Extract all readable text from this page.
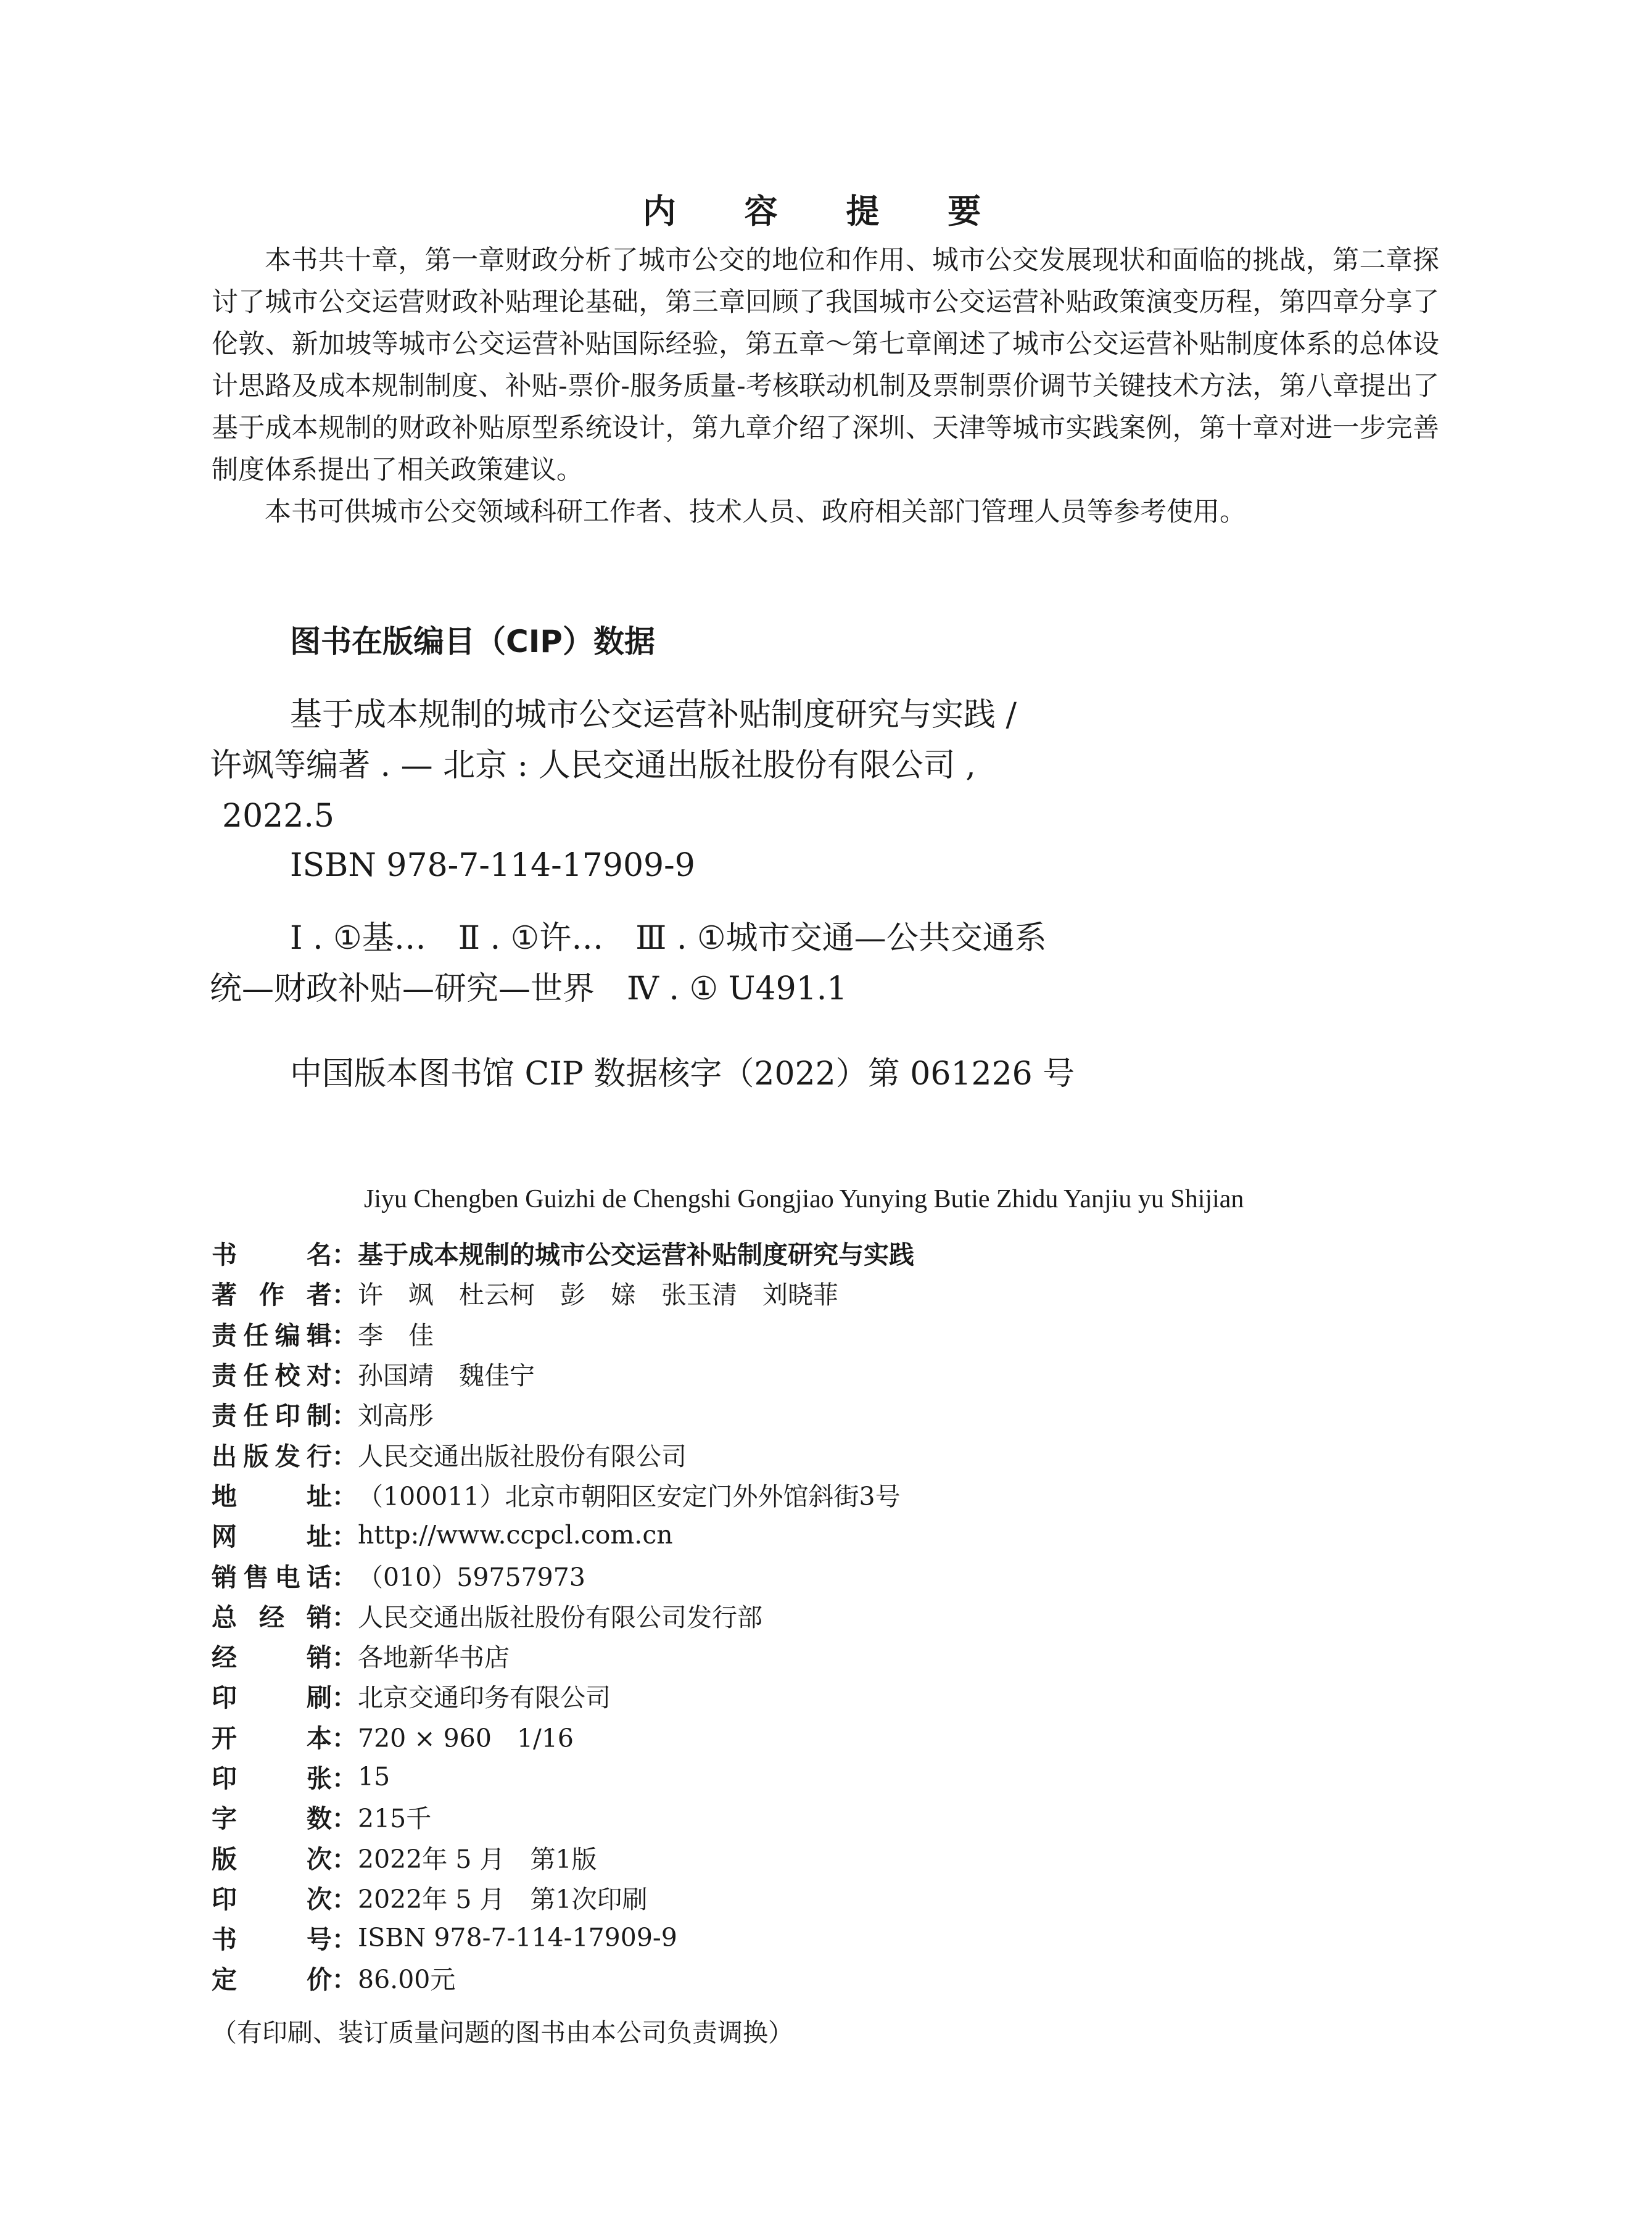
内 容 提 要

本书共十章，第一章财政分析了城市公交的地位和作用、城市公交发展现状和面临的挑战，第二章探讨了城市公交运营财政补贴理论基础，第三章回顾了我国城市公交运营补贴政策演变历程，第四章分享了伦敦、新加坡等城市公交运营补贴国际经验，第五章～第七章阐述了城市公交运营补贴制度体系的总体设计思路及成本规制制度、补贴-票价-服务质量-考核联动机制及票制票价调节关键技术方法，第八章提出了基于成本规制的财政补贴原型系统设计，第九章介绍了深圳、天津等城市实践案例，第十章对进一步完善制度体系提出了相关政策建议。

本书可供城市公交领域科研工作者、技术人员、政府相关部门管理人员等参考使用。

图书在版编目（CIP）数据
基于成本规制的城市公交运营补贴制度研究与实践 /
许飒等编著 . — 北京 : 人民交通出版社股份有限公司 ,
2022.5
ISBN 978-7-114-17909-9
Ⅰ . ①基…　Ⅱ . ①许…　Ⅲ . ①城市交通—公共交通系
统—财政补贴—研究—世界　Ⅳ . ① U491.1
中国版本图书馆 CIP 数据核字（2022）第 061226 号
Jiyu Chengben Guizhi de Chengshi Gongjiao Yunying Butie Zhidu Yanjiu yu Shijian
书	名 ： 基于成本规制的城市公交运营补贴制度研究与实践
著 作 者 ： 许　飒　杜云柯　彭　媇　张玉清　刘晓菲
责 任 编 辑 ： 李　佳
责 任 校 对 ： 孙国靖　魏佳宁
责 任 印 制 ： 刘高彤
出 版 发 行 ： 人民交通出版社股份有限公司
地	址 ： （100011）北京市朝阳区安定门外外馆斜街3号
网	址 ： http://www.ccpcl.com.cn
销 售 电 话 ： （010）59757973
总 经 销 ： 人民交通出版社股份有限公司发行部
经	销 ： 各地新华书店
印	刷 ： 北京交通印务有限公司
开	本 ： 720 × 960　1/16
印	张 ： 15
字	数 ： 215千
版	次 ： 2022年 5 月　第1版
印	次 ： 2022年 5 月　第1次印刷
书	号 ： ISBN 978-7-114-17909-9
定	价 ： 86.00元
（有印刷、装订质量问题的图书由本公司负责调换）
